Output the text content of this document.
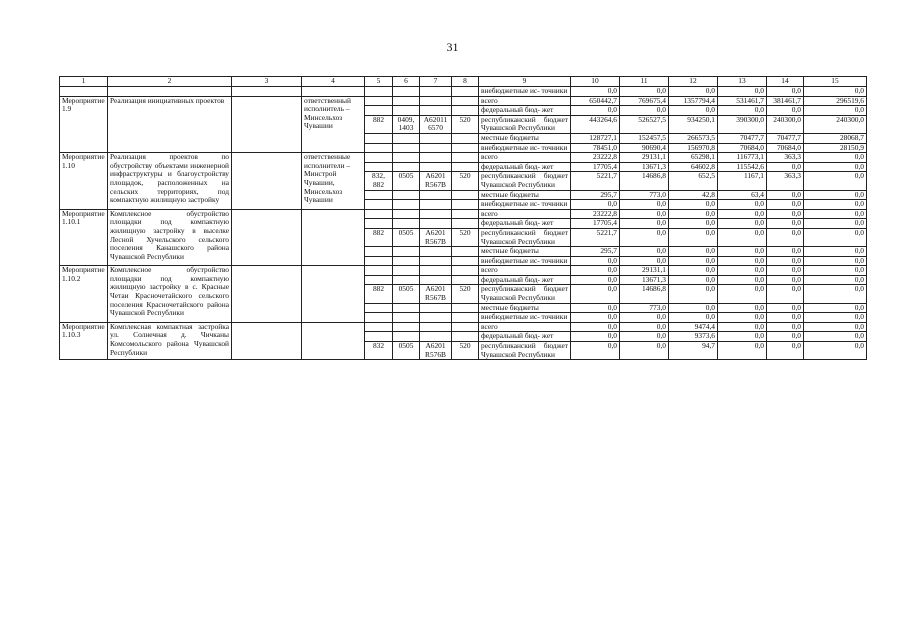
31
1	2	3	4	5	6	7	8	9	10	11	12	13	14	15
								внебюджетные ис- точники	0,0	0,0	0,0	0,0	0,0	0,0
Мероприятие 1.9	Реализация инициативных проектов		ответственный исполнитель – Минсельхоз Чувашии					всего	650442,7	769675,4	1357794,4	531461,7	381461,7	296519,6
								федеральный бюд- жет	0,0	0,0	0,0	0,0	0,0	0,0
				882	0409, 1403	А62011 6570	520	республиканский бюджет Чувашской Республики	443264,6	526527,5	934250,1	390300,0	240300,0	240300,0
								местные бюджеты	128727,1	152457,5	266573,5	70477,7	70477,7	28068,7
								внебюджетные ис- точники	78451,0	90690,4	156970,8	70684,0	70684,0	28150,9
Мероприятие 1.10	Реализация проектов по обустройству объектами инженерной инфраструктуры и благоустройству площадок, расположенных на сельских территориях, под компактную жилищную застройку		ответственные исполнители – Минстрой Чувашии, Минсельхоз Чувашии					всего	23222,8	29131,1	65298,1	116773,1	363,3	0,0
								федеральный бюд- жет	17705,4	13671,3	64602,8	115542,6	0,0	0,0
				832, 882	0505	А6201 R567В	520	республиканский бюджет Чувашской Республики	5221,7	14686,8	652,5	1167,1	363,3	0,0
								местные бюджеты	295,7	773,0	42,8	63,4	0,0	0,0
								внебюджетные ис- точники	0,0	0,0	0,0	0,0	0,0	0,0
Мероприятие 1.10.1	Комплексное обустройство площадки под компактную жилищную застройку в выселке Лесной Хучельского сельского поселения Канашского района Чувашской Республики							всего	23222,8	0,0	0,0	0,0	0,0	0,0
								федеральный бюд- жет	17705,4	0,0	0,0	0,0	0,0	0,0
				882	0505	А6201 R567В	520	республиканский бюджет Чувашской Республики	5221,7	0,0	0,0	0,0	0,0	0,0
								местные бюджеты	295,7	0,0	0,0	0,0	0,0	0,0
								внебюджетные ис- точники	0,0	0,0	0,0	0,0	0,0	0,0
Мероприятие 1.10.2	Комплексное обустройство площадки под компактную жилищную застройку в с. Красные Четаи Красночетайского сельского поселения Красночетайского района Чувашской Республики							всего	0,0	29131,1	0,0	0,0	0,0	0,0
								федеральный бюд- жет	0,0	13671,3	0,0	0,0	0,0	0,0
				882	0505	А6201 R567В	520	республиканский бюджет Чувашской Республики	0,0	14686,8	0,0	0,0	0,0	0,0
								местные бюджеты	0,0	773,0	0,0	0,0	0,0	0,0
								внебюджетные ис- точники	0,0	0,0	0,0	0,0	0,0	0,0
Мероприятие 1.10.3	Комплексная компактная застройка ул. Солнечная д. Чичканы Комсомольского района Чувашской Республики							всего	0,0	0,0	9474,4	0,0	0,0	0,0
								федеральный бюд- жет	0,0	0,0	9373,6	0,0	0,0	0,0
				832	0505	А6201 R576В	520	республиканский бюджет Чувашской Республики	0,0	0,0	94,7	0,0	0,0	0,0
